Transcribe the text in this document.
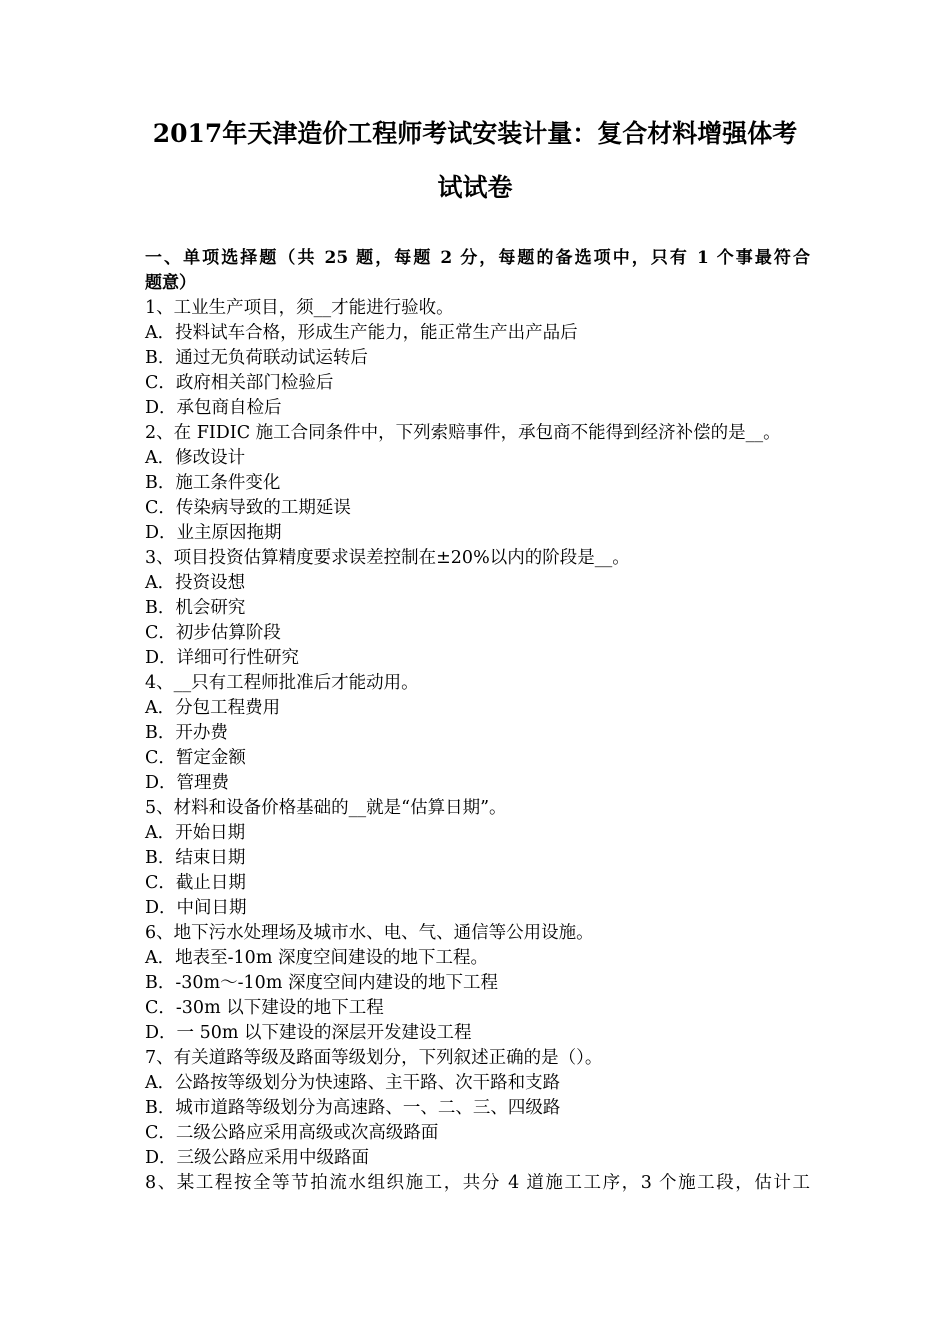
2017年天津造价工程师考试安装计量：复合材料增强体考
试试卷
一、单项选择题（共 25 题，每题 2 分，每题的备选项中，只有 1 个事最符合
题意）
1、工业生产项目，须__才能进行验收。
A．投料试车合格，形成生产能力，能正常生产出产品后
B．通过无负荷联动试运转后
C．政府相关部门检验后
D．承包商自检后
2、在 FIDIC 施工合同条件中，下列索赔事件，承包商不能得到经济补偿的是__。
A．修改设计
B．施工条件变化
C．传染病导致的工期延误
D．业主原因拖期
3、项目投资估算精度要求误差控制在±20%以内的阶段是__。
A．投资设想
B．机会研究
C．初步估算阶段
D．详细可行性研究
4、__只有工程师批准后才能动用。
A．分包工程费用
B．开办费
C．暂定金额
D．管理费
5、材料和设备价格基础的__就是“估算日期”。
A．开始日期
B．结束日期
C．截止日期
D．中间日期
6、地下污水处理场及城市水、电、气、通信等公用设施。
A．地表至-10m 深度空间建设的地下工程。
B．-30m～-10m 深度空间内建设的地下工程
C．-30m 以下建设的地下工程
D．一 50m 以下建设的深层开发建设工程
7、有关道路等级及路面等级划分，下列叙述正确的是（）。
A．公路按等级划分为快速路、主干路、次干路和支路
B．城市道路等级划分为高速路、一、二、三、四级路
C．二级公路应采用高级或次高级路面
D．三级公路应采用中级路面
8、某工程按全等节拍流水组织施工，共分 4 道施工工序，3 个施工段，估计工
